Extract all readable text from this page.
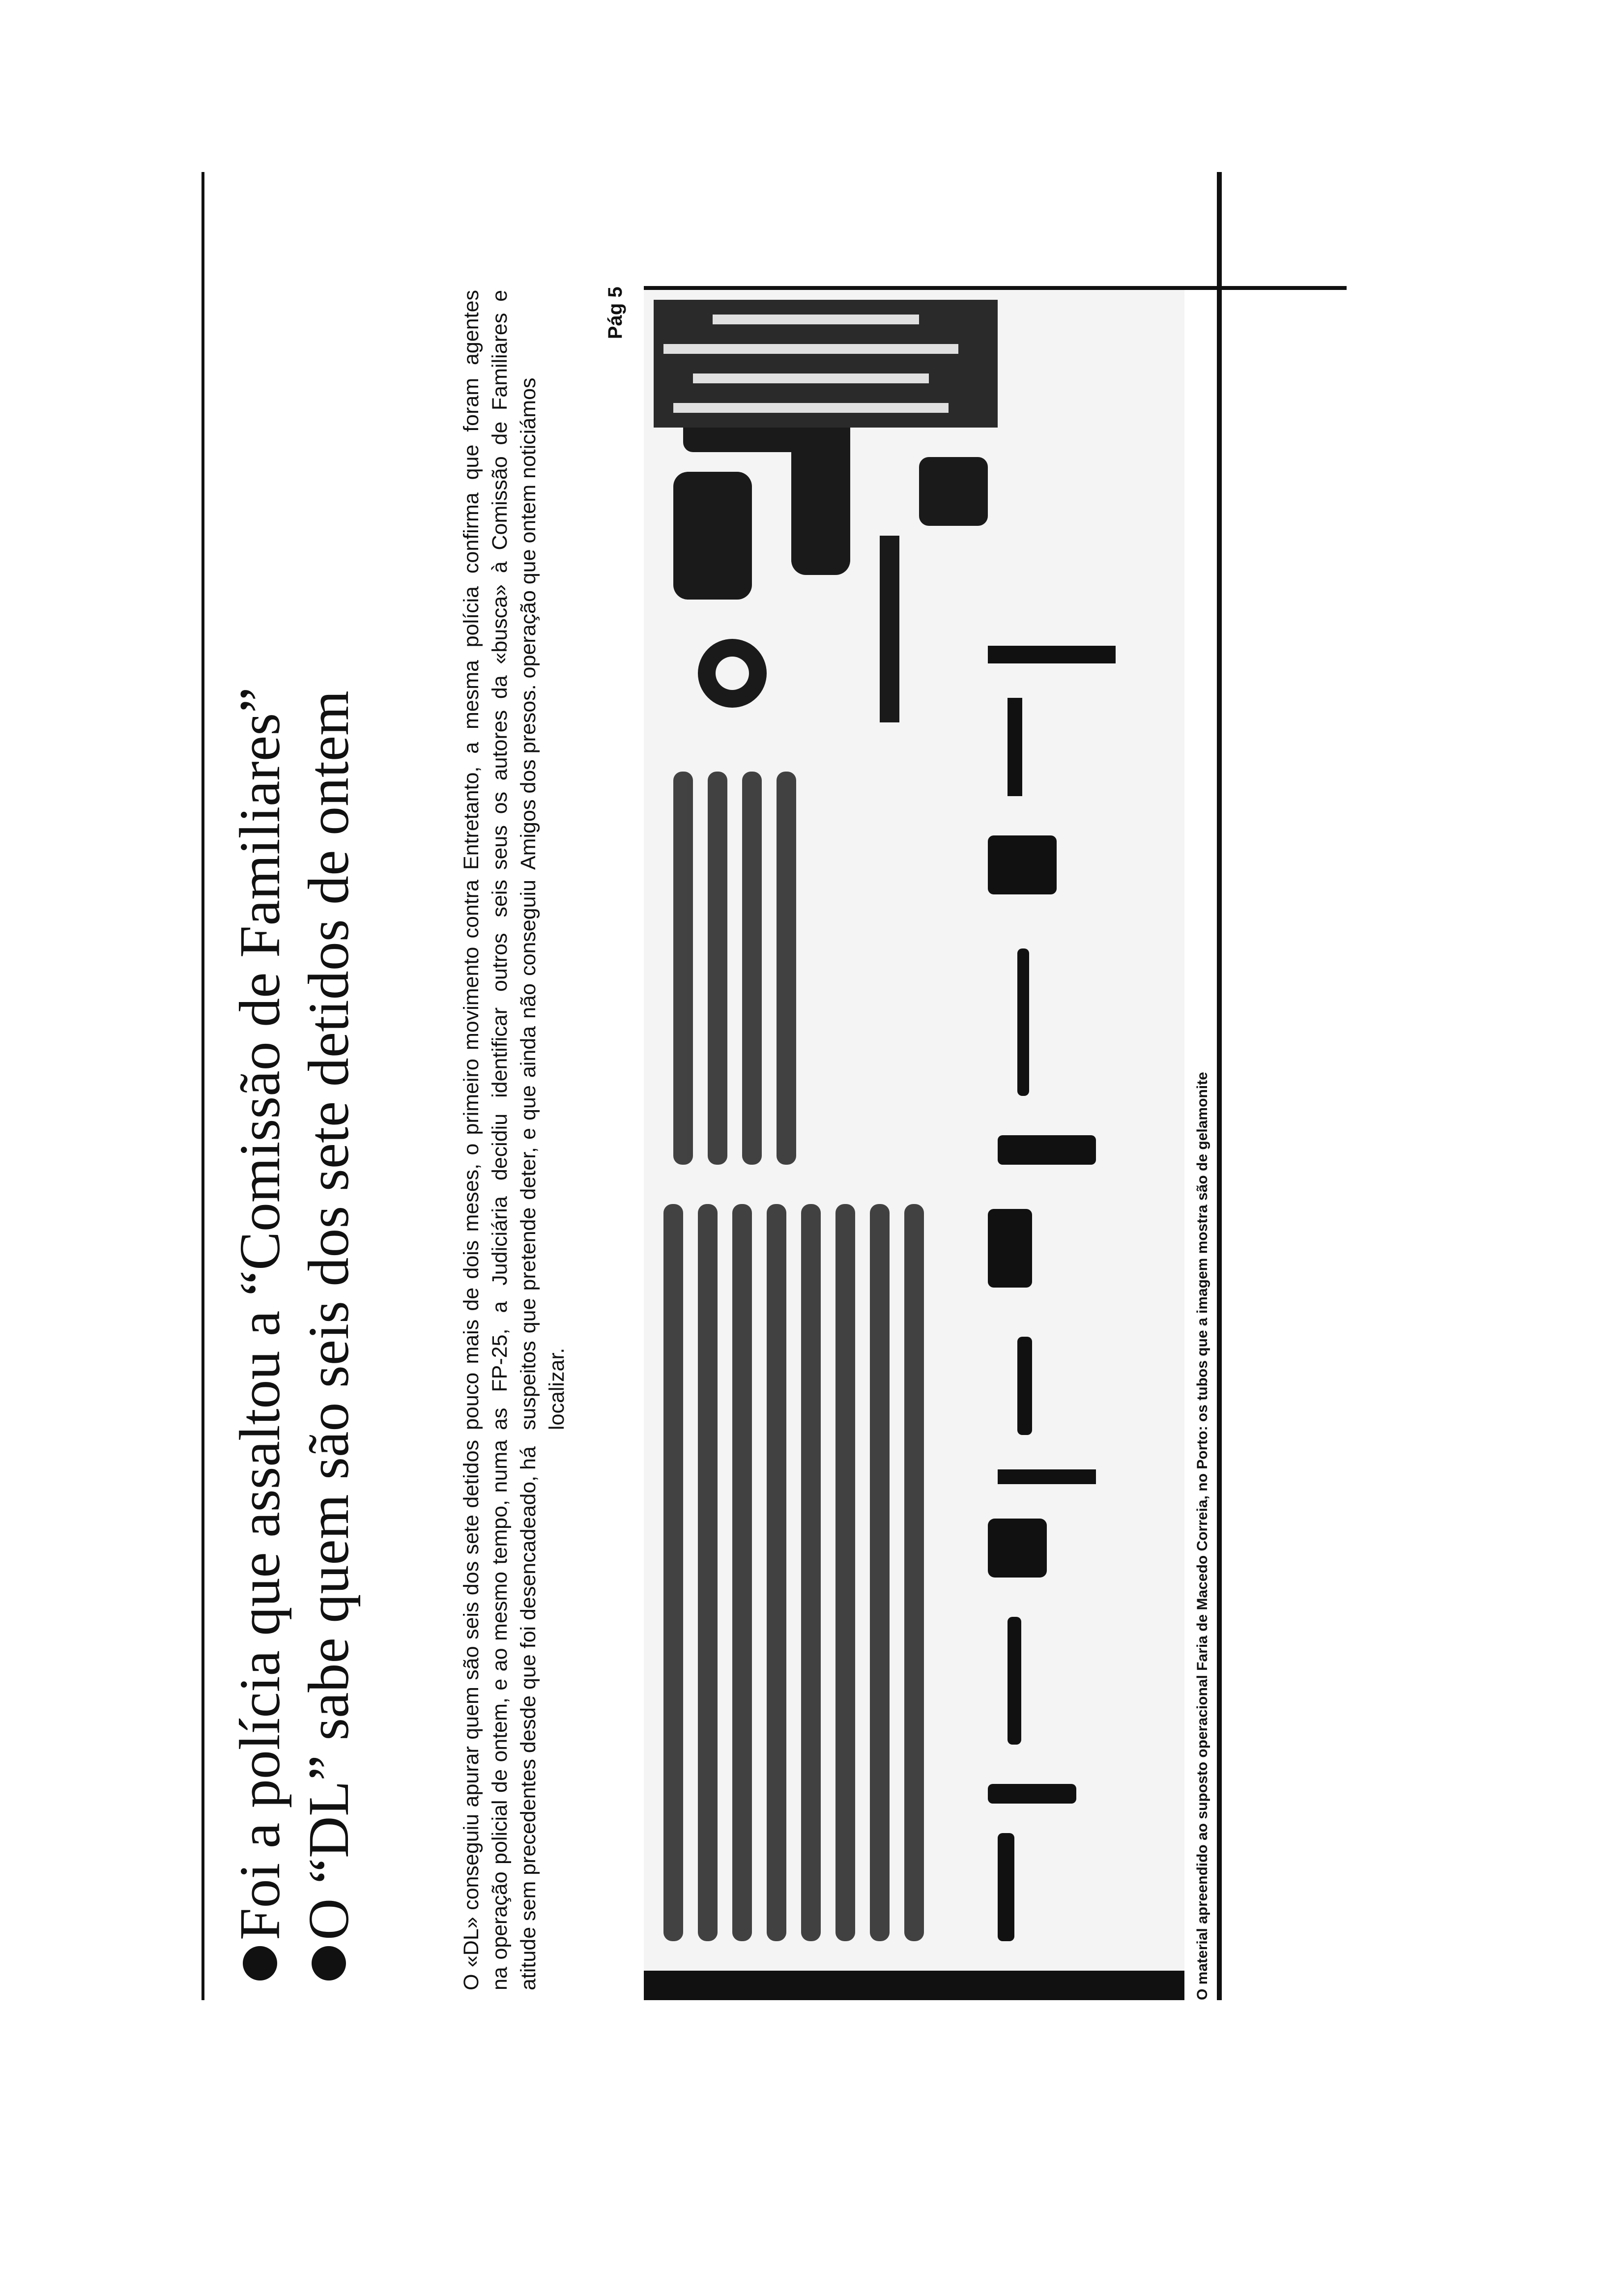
Foi a polícia que assaltou a “Comissão de Familiares” O “DL” sabe quem são seis dos sete detidos de ontem	O «DL» conseguiu apurar quem são seis dos sete detidos na operação policial de ontem, e ao mesmo tempo, numa atitude sem precedentes desde que foi desencadeado, há
pouco mais de dois meses, o primeiro movimento contra as FP-25, a Judiciária decidiu identificar outros seis suspeitos que pretende deter, e que ainda não conseguiu localizar.
Entretanto, a mesma polícia confirma que foram agentes seus os autores da «busca» à Comissão de Familiares e Amigos dos presos. operação que ontem noticiámos
Pág 5
O material apreendido ao suposto operacional Faria de Macedo Correia, no Porto: os tubos que a imagem mostra são de gelamonite
